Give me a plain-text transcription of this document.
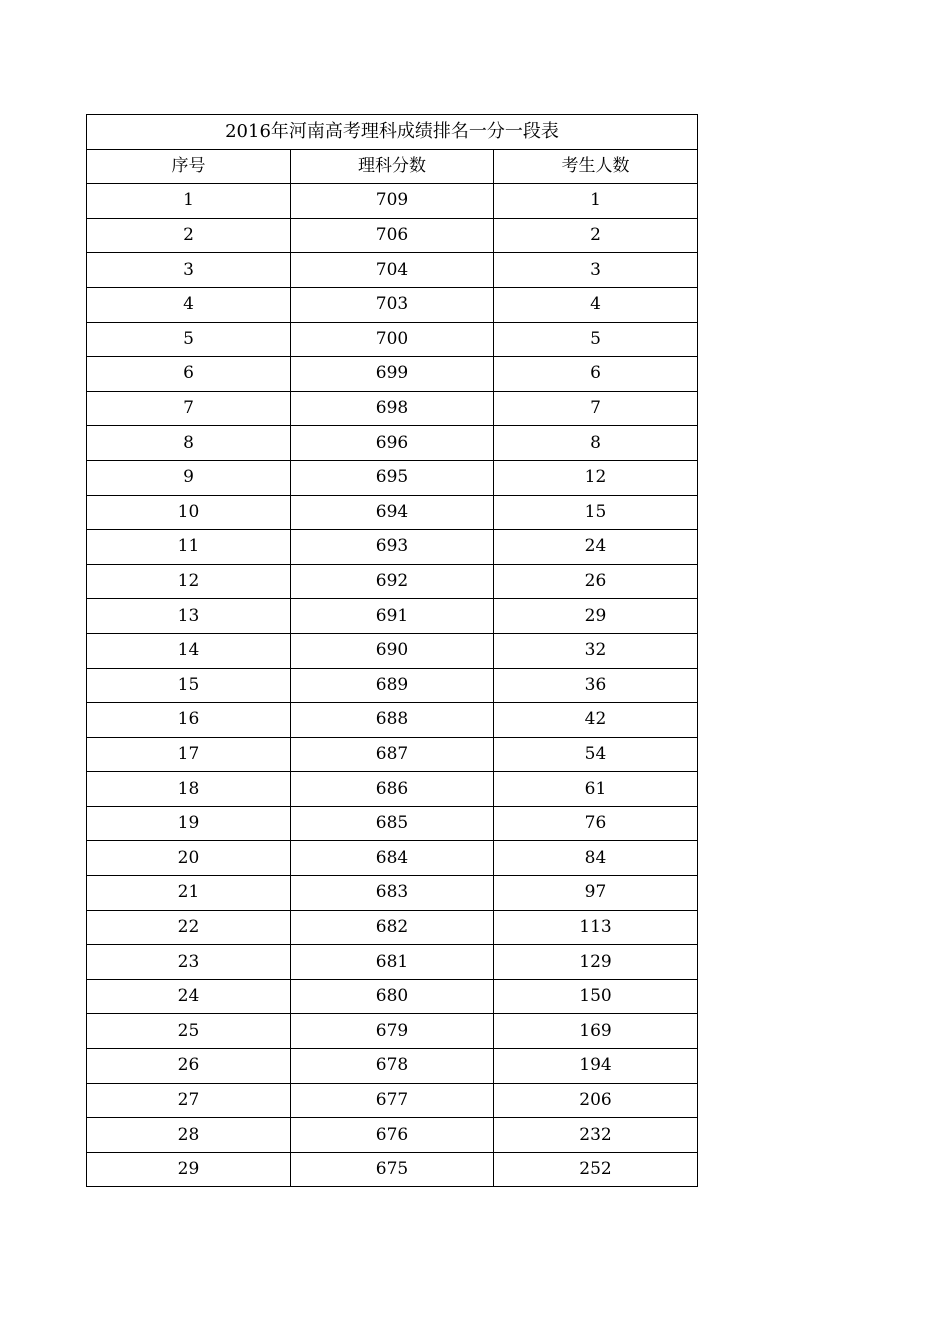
2016年河南高考理科成绩排名一分一段表		
序号	理科分数	考生人数
1	709	1
2	706	2
3	704	3
4	703	4
5	700	5
6	699	6
7	698	7
8	696	8
9	695	12
10	694	15
11	693	24
12	692	26
13	691	29
14	690	32
15	689	36
16	688	42
17	687	54
18	686	61
19	685	76
20	684	84
21	683	97
22	682	113
23	681	129
24	680	150
25	679	169
26	678	194
27	677	206
28	676	232
29	675	252
